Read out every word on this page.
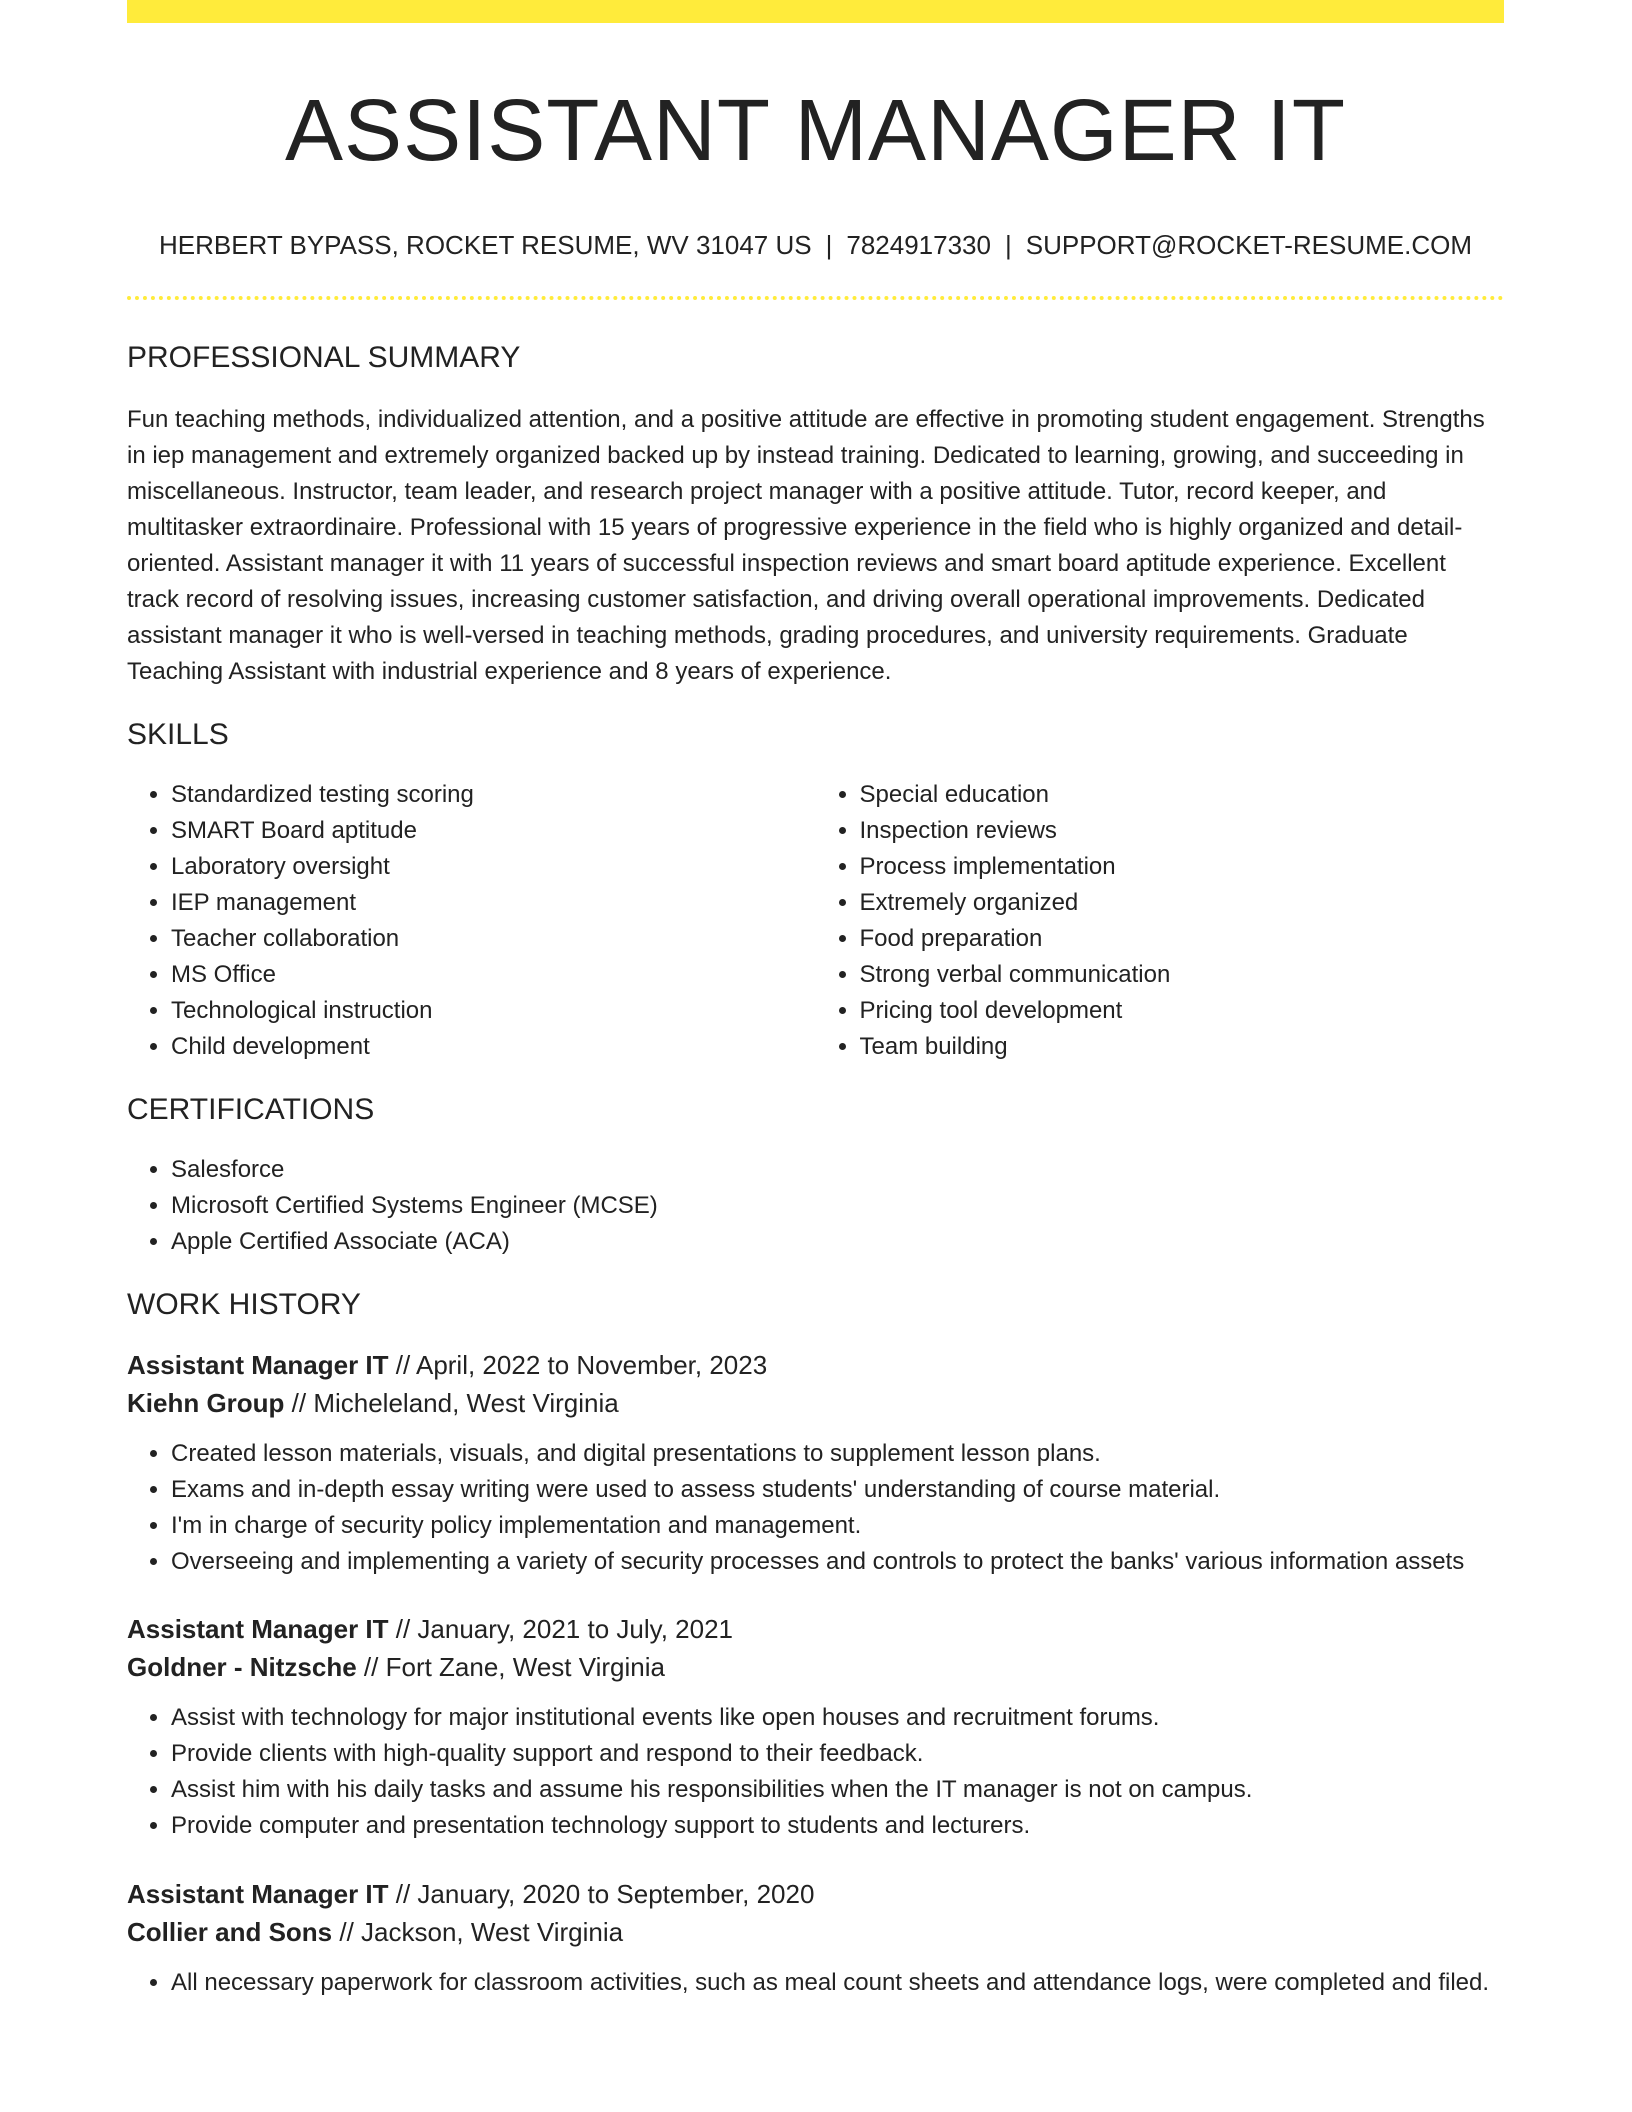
ASSISTANT MANAGER IT
HERBERT BYPASS, ROCKET RESUME, WV 31047 US | 7824917330 | SUPPORT@ROCKET-RESUME.COM
PROFESSIONAL SUMMARY

Fun teaching methods, individualized attention, and a positive attitude are effective in promoting student engagement. Strengths in iep management and extremely organized backed up by instead training. Dedicated to learning, growing, and succeeding in miscellaneous. Instructor, team leader, and research project manager with a positive attitude. Tutor, record keeper, and multitasker extraordinaire. Professional with 15 years of progressive experience in the field who is highly organized and detail-oriented. Assistant manager it with 11 years of successful inspection reviews and smart board aptitude experience. Excellent track record of resolving issues, increasing customer satisfaction, and driving overall operational improvements. Dedicated assistant manager it who is well-versed in teaching methods, grading procedures, and university requirements. Graduate Teaching Assistant with industrial experience and 8 years of experience.

SKILLS
• Standardized testing scoring
• SMART Board aptitude
• Laboratory oversight
• IEP management
• Teacher collaboration
• MS Office
• Technological instruction
• Child development
• Special education
• Inspection reviews
• Process implementation
• Extremely organized
• Food preparation
• Strong verbal communication
• Pricing tool development
• Team building
CERTIFICATIONS
• Salesforce
• Microsoft Certified Systems Engineer (MCSE)
• Apple Certified Associate (ACA)
WORK HISTORY
Assistant Manager IT // April, 2022 to November, 2023
Kiehn Group // Micheleland, West Virginia
• Created lesson materials, visuals, and digital presentations to supplement lesson plans.
• Exams and in-depth essay writing were used to assess students' understanding of course material.
• I'm in charge of security policy implementation and management.
• Overseeing and implementing a variety of security processes and controls to protect the banks' various information assets
Assistant Manager IT // January, 2021 to July, 2021
Goldner - Nitzsche // Fort Zane, West Virginia
• Assist with technology for major institutional events like open houses and recruitment forums.
• Provide clients with high-quality support and respond to their feedback.
• Assist him with his daily tasks and assume his responsibilities when the IT manager is not on campus.
• Provide computer and presentation technology support to students and lecturers.
Assistant Manager IT // January, 2020 to September, 2020
Collier and Sons // Jackson, West Virginia
• All necessary paperwork for classroom activities, such as meal count sheets and attendance logs, were completed and filed.
